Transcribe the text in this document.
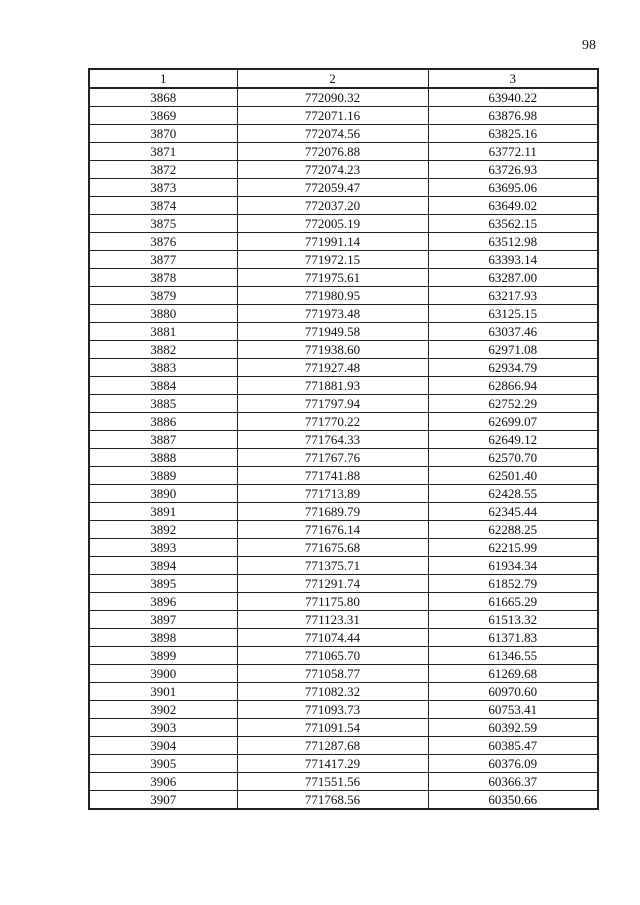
98
1	2	3
3868	772090.32	63940.22
3869	772071.16	63876.98
3870	772074.56	63825.16
3871	772076.88	63772.11
3872	772074.23	63726.93
3873	772059.47	63695.06
3874	772037.20	63649.02
3875	772005.19	63562.15
3876	771991.14	63512.98
3877	771972.15	63393.14
3878	771975.61	63287.00
3879	771980.95	63217.93
3880	771973.48	63125.15
3881	771949.58	63037.46
3882	771938.60	62971.08
3883	771927.48	62934.79
3884	771881.93	62866.94
3885	771797.94	62752.29
3886	771770.22	62699.07
3887	771764.33	62649.12
3888	771767.76	62570.70
3889	771741.88	62501.40
3890	771713.89	62428.55
3891	771689.79	62345.44
3892	771676.14	62288.25
3893	771675.68	62215.99
3894	771375.71	61934.34
3895	771291.74	61852.79
3896	771175.80	61665.29
3897	771123.31	61513.32
3898	771074.44	61371.83
3899	771065.70	61346.55
3900	771058.77	61269.68
3901	771082.32	60970.60
3902	771093.73	60753.41
3903	771091.54	60392.59
3904	771287.68	60385.47
3905	771417.29	60376.09
3906	771551.56	60366.37
3907	771768.56	60350.66
